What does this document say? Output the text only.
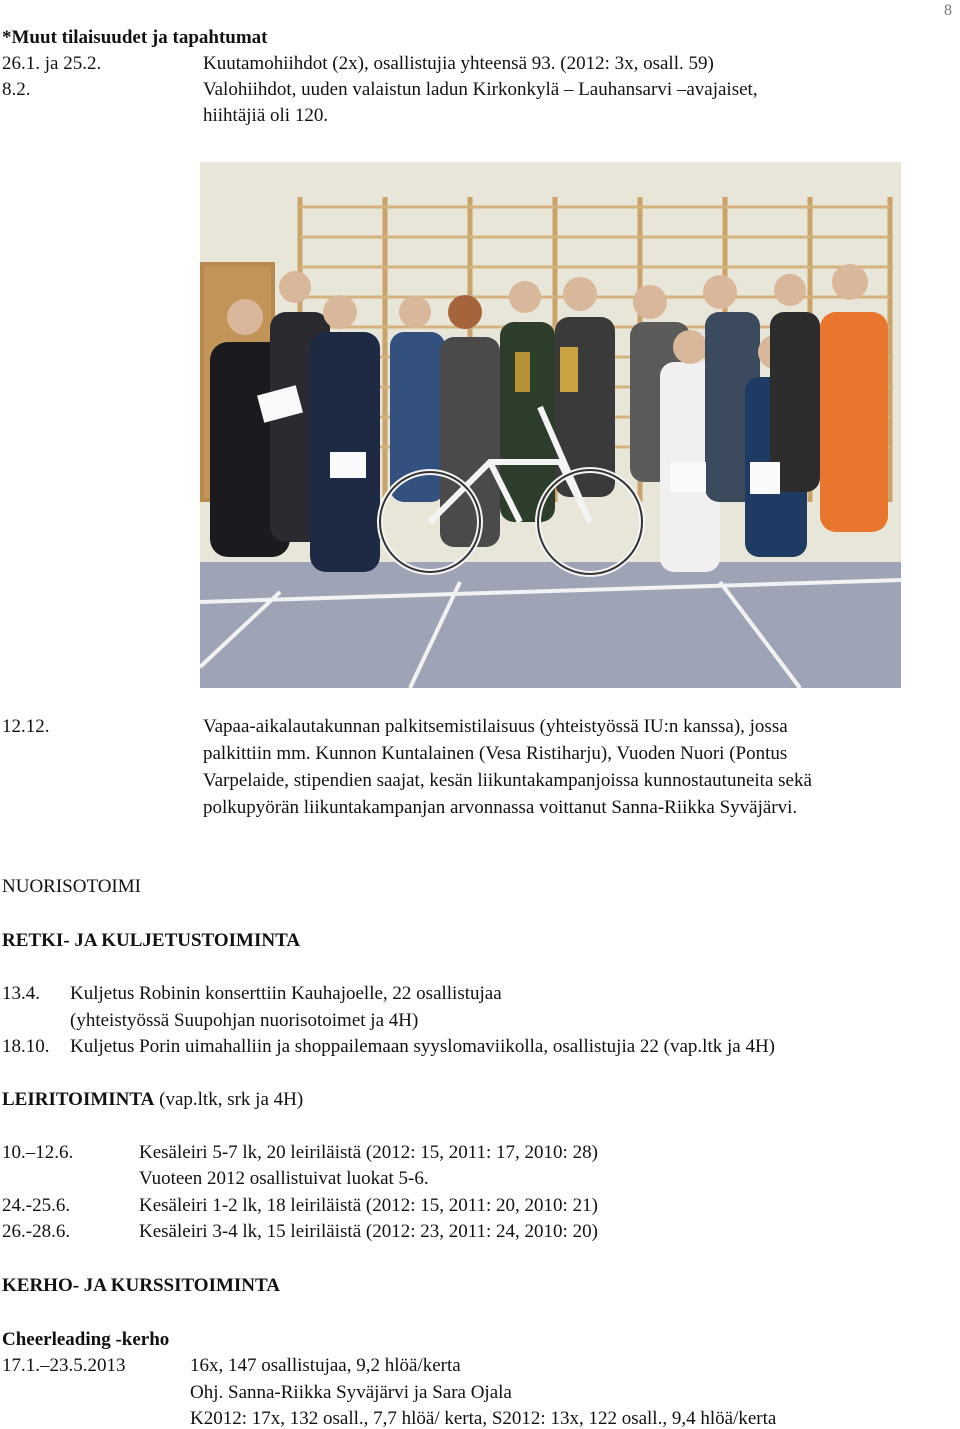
8
*Muut tilaisuudet ja tapahtumat
26.1. ja 25.2.	Kuutamohiihdot (2x), osallistujia yhteensä 93. (2012: 3x, osall. 59)
8.2.	Valohiihdot, uuden valaistun ladun Kirkonkylä – Lauhansarvi –avajaiset,
hiihtäjiä oli 120.
12.12.	Vapaa-aikalautakunnan palkitsemistilaisuus (yhteistyössä IU:n kanssa), jossa
palkittiin mm. Kunnon Kuntalainen (Vesa Ristiharju), Vuoden Nuori (Pontus
Varpelaide, stipendien saajat, kesän liikuntakampanjoissa kunnostautuneita sekä
polkupyörän liikuntakampanjan arvonnassa voittanut Sanna-Riikka Syväjärvi.
NUORISOTOIMI
RETKI- JA KULJETUSTOIMINTA
13.4. Kuljetus Robinin konserttiin Kauhajoelle, 22 osallistujaa
(yhteistyössä Suupohjan nuorisotoimet ja 4H)
18.10. Kuljetus Porin uimahalliin ja shoppailemaan syyslomaviikolla, osallistujia 22 (vap.ltk ja 4H)
LEIRITOIMINTA (vap.ltk, srk ja 4H)
10.–12.6.	Kesäleiri 5-7 lk, 20 leiriläistä (2012: 15, 2011: 17, 2010: 28)
Vuoteen 2012 osallistuivat luokat 5-6.
24.-25.6.	Kesäleiri 1-2 lk, 18 leiriläistä (2012: 15, 2011: 20, 2010: 21)
26.-28.6.	Kesäleiri 3-4 lk, 15 leiriläistä (2012: 23, 2011: 24, 2010: 20)
KERHO- JA KURSSITOIMINTA
Cheerleading -kerho
17.1.–23.5.2013	16x, 147 osallistujaa, 9,2 hlöä/kerta
Ohj. Sanna-Riikka Syväjärvi ja Sara Ojala
K2012: 17x, 132 osall., 7,7 hlöä/ kerta, S2012: 13x, 122 osall., 9,4 hlöä/kerta
